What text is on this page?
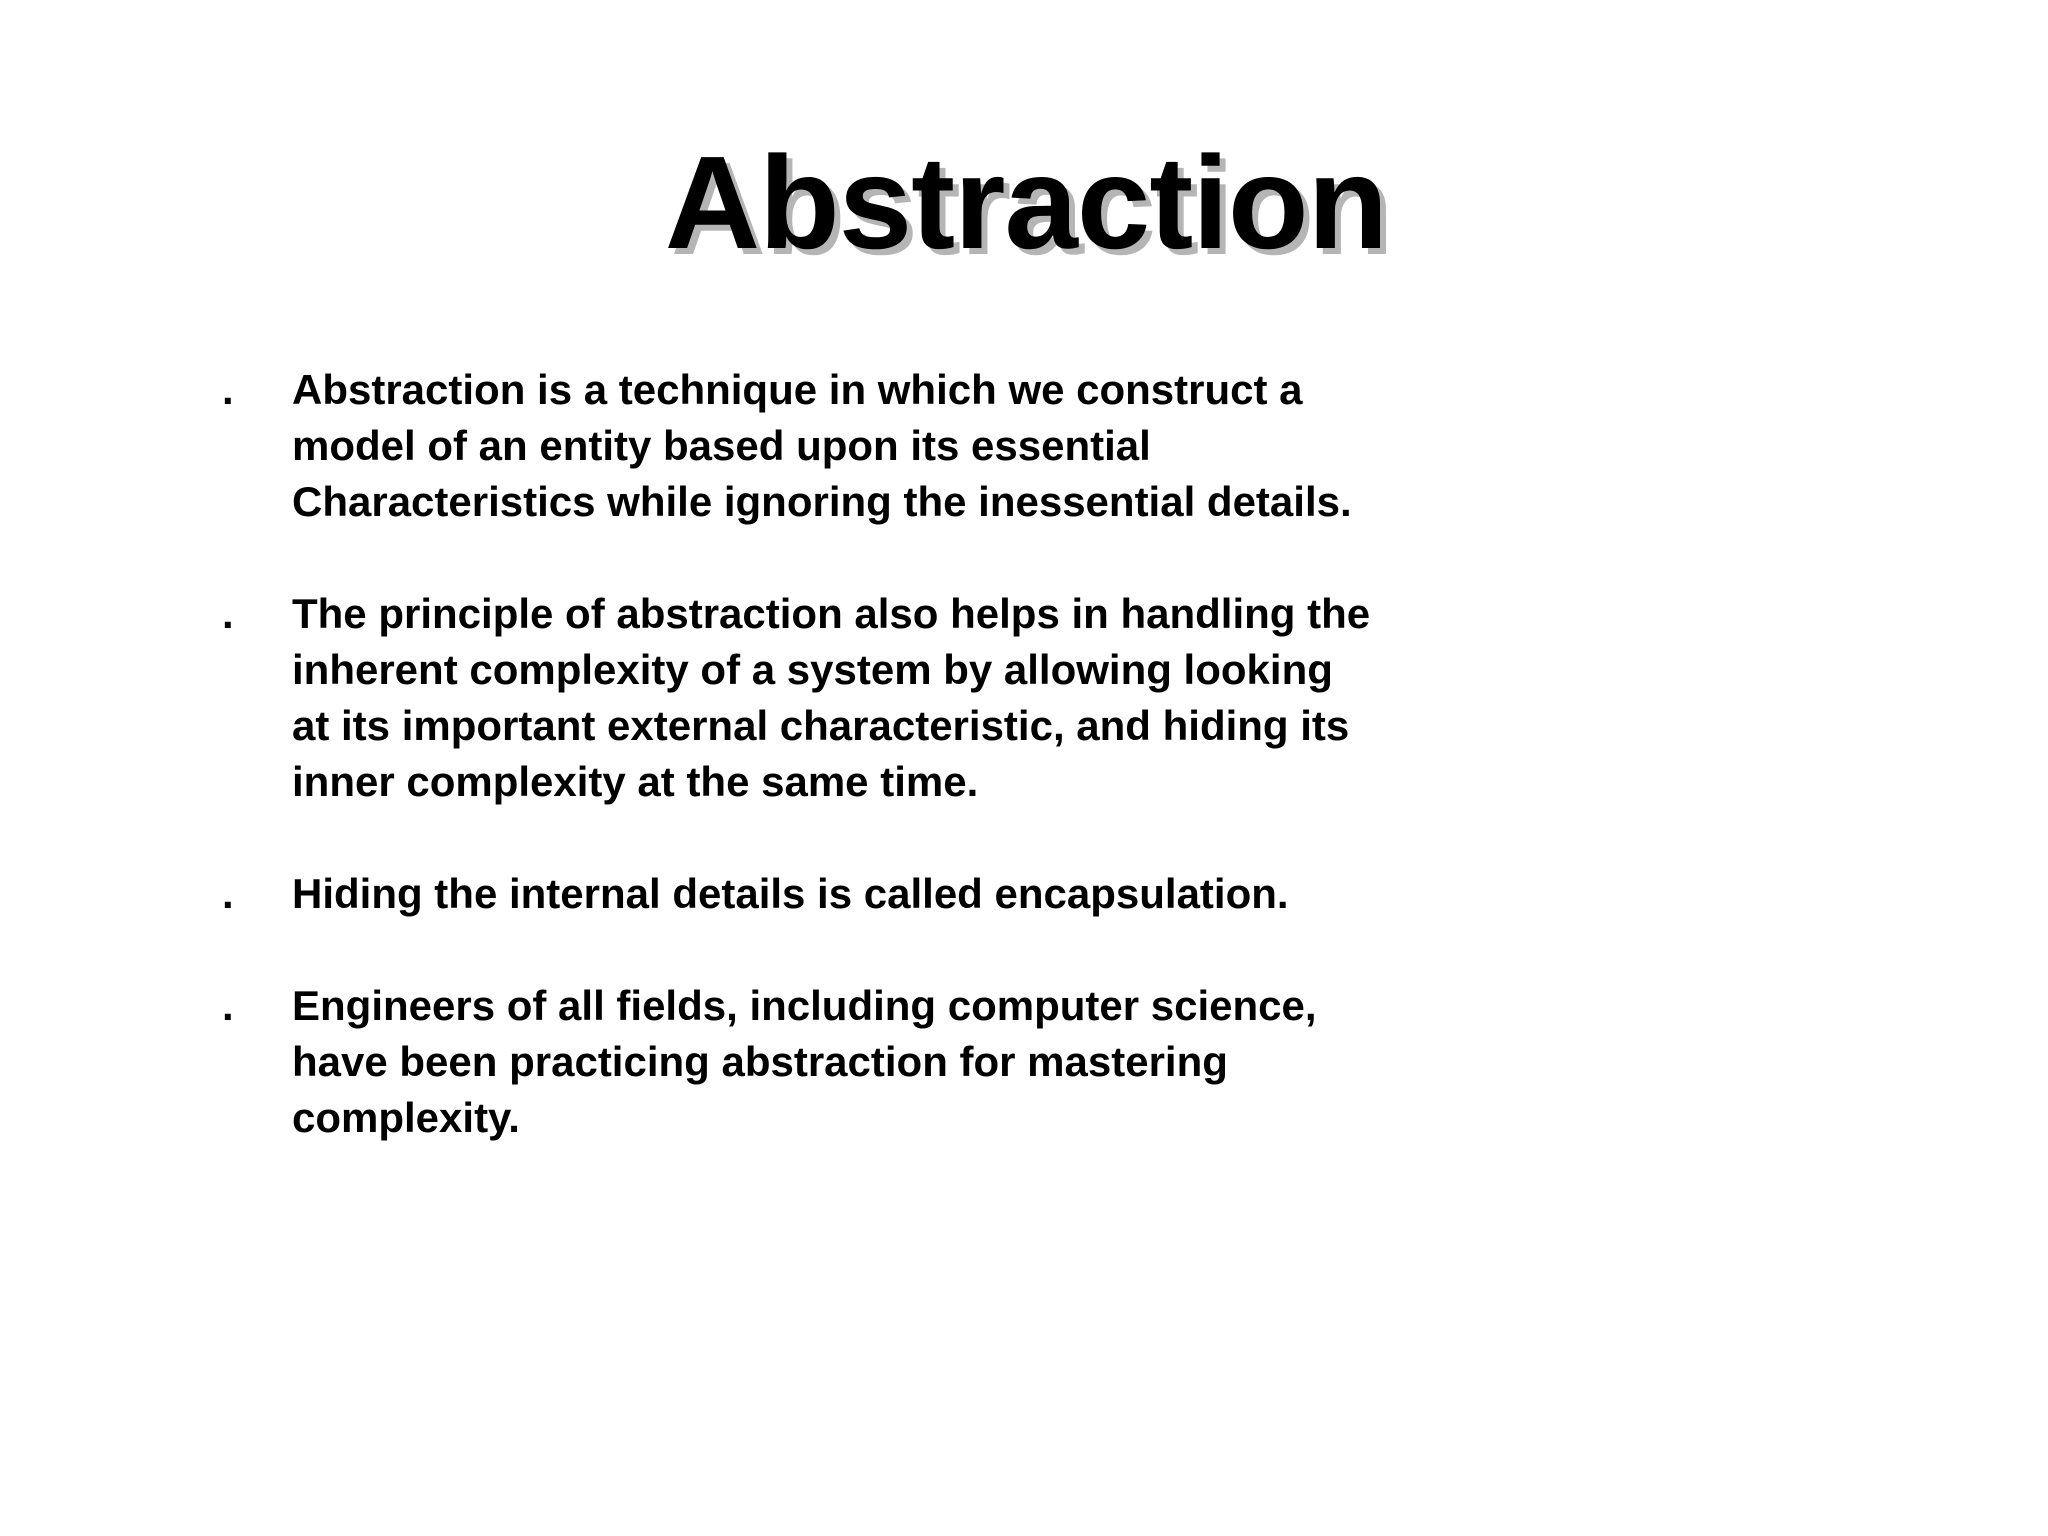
Abstraction
.	Abstraction is a technique in which we construct a
model of an entity based upon its essential
Characteristics while ignoring the inessential details.
.	The principle of abstraction also helps in handling the
inherent complexity of a system by allowing looking
at its important external characteristic, and hiding its
inner complexity at the same time.
.	Hiding the internal details is called encapsulation.
.	Engineers of all fields, including computer science,
have been practicing abstraction for mastering
complexity.
